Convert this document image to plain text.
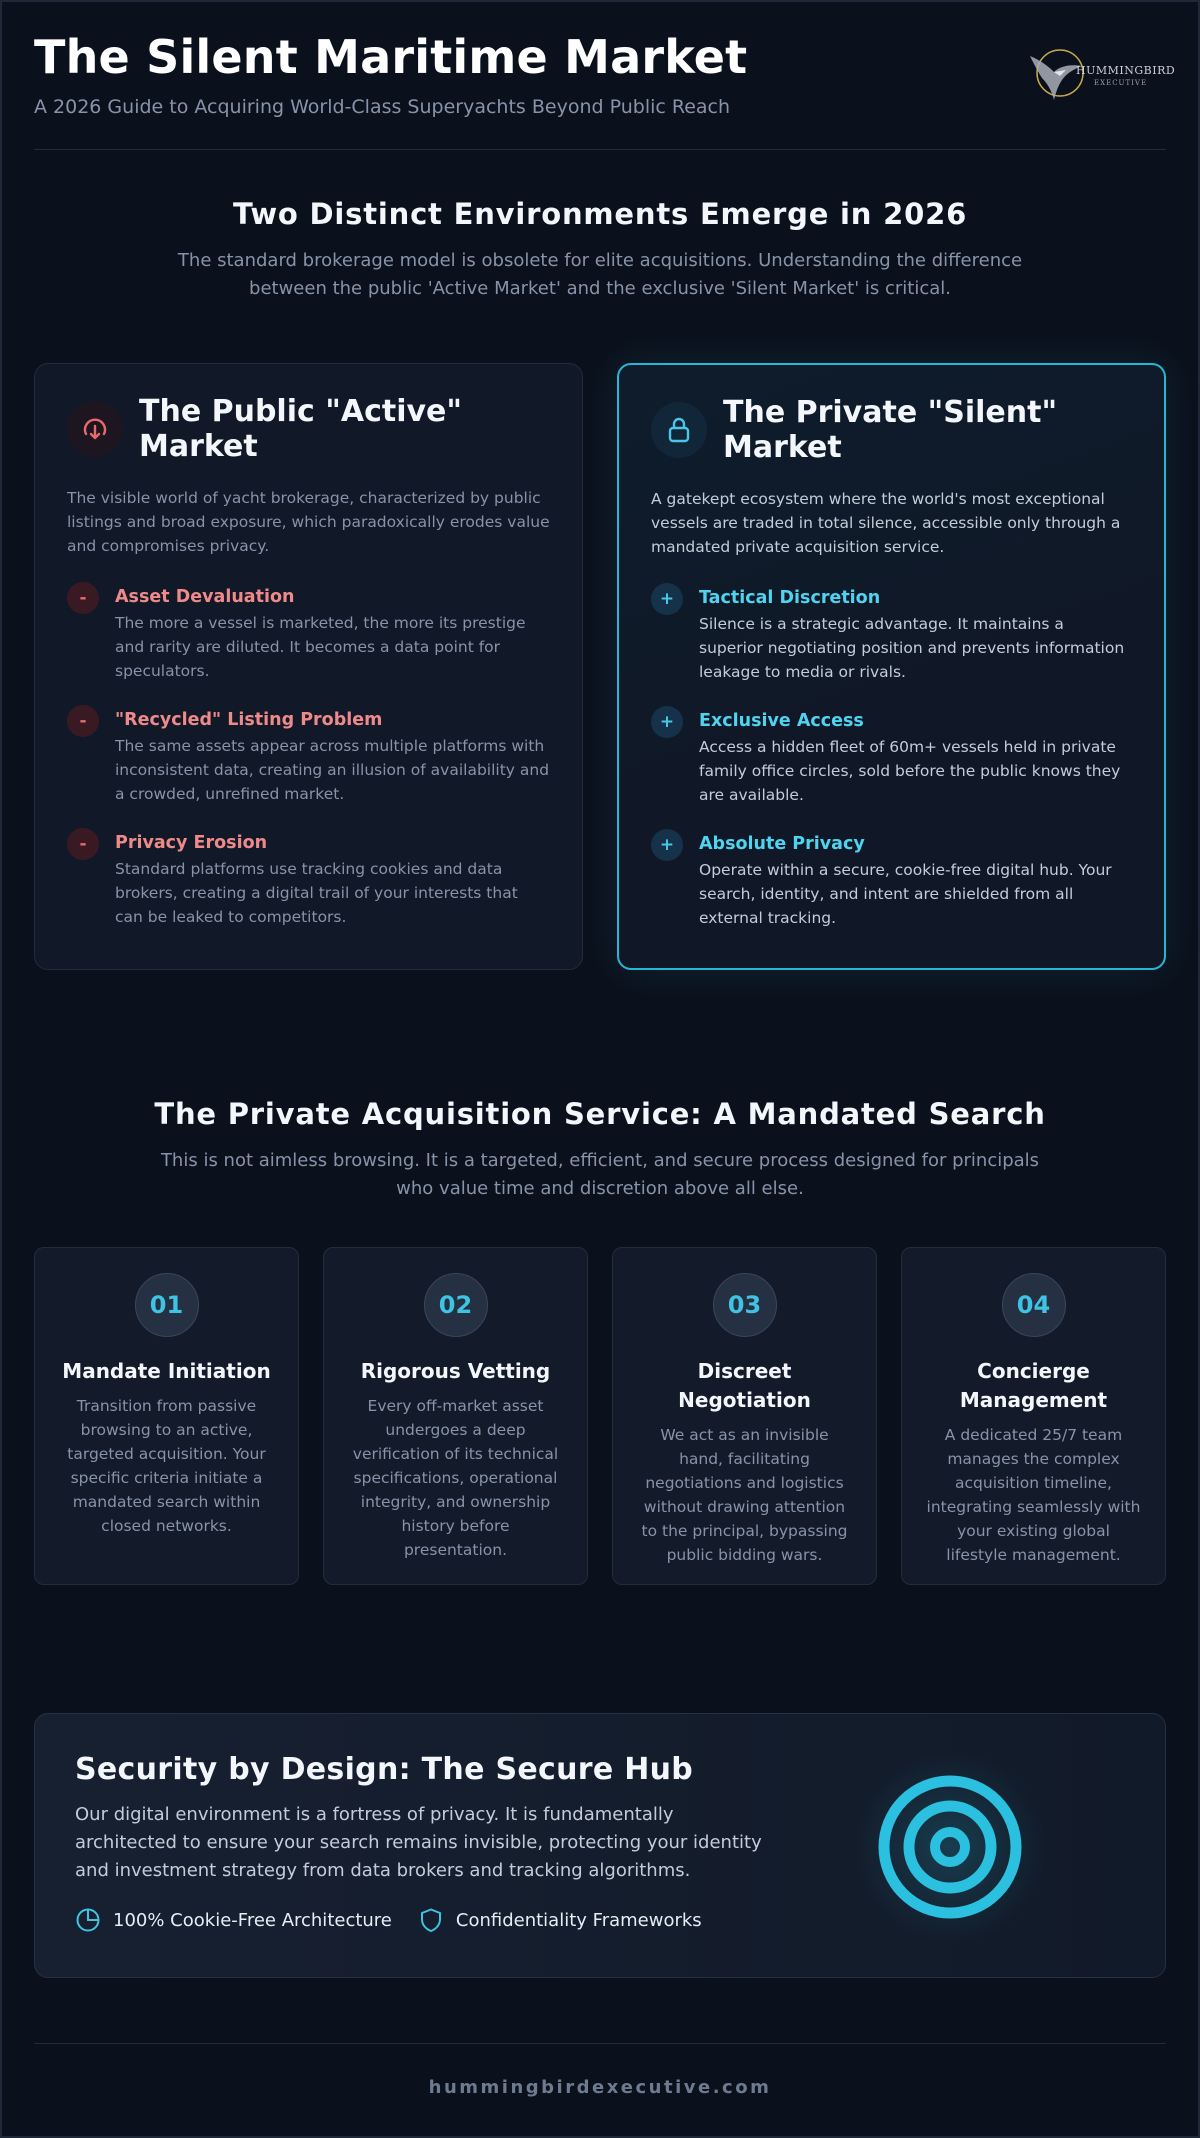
The Silent Maritime Market
A 2026 Guide to Acquiring World-Class Superyachts Beyond Public Reach
HUMMINGBIRD
EXECUTIVE
Two Distinct Environments Emerge in 2026

The standard brokerage model is obsolete for elite acquisitions. Understanding the difference between the public 'Active Market' and the exclusive 'Silent Market' is critical.

The Public "Active" Market

The visible world of yacht brokerage, characterized by public listings and broad exposure, which paradoxically erodes value and compromises privacy.

-	Asset Devaluation
The more a vessel is marketed, the more its prestige and rarity are diluted. It becomes a data point for speculators.
-	"Recycled" Listing Problem
The same assets appear across multiple platforms with inconsistent data, creating an illusion of availability and a crowded, unrefined market.
-	Privacy Erosion
Standard platforms use tracking cookies and data brokers, creating a digital trail of your interests that can be leaked to competitors.
The Private "Silent" Market

A gatekept ecosystem where the world's most exceptional vessels are traded in total silence, accessible only through a mandated private acquisition service.

+	Tactical Discretion
Silence is a strategic advantage. It maintains a superior negotiating position and prevents information leakage to media or rivals.
+	Exclusive Access
Access a hidden fleet of 60m+ vessels held in private family office circles, sold before the public knows they are available.
+	Absolute Privacy
Operate within a secure, cookie-free digital hub. Your search, identity, and intent are shielded from all external tracking.
The Private Acquisition Service: A Mandated Search

This is not aimless browsing. It is a targeted, efficient, and secure process designed for principals who value time and discretion above all else.

01
Mandate Initiation
Transition from passive browsing to an active, targeted acquisition. Your specific criteria initiate a mandated search within closed networks.
02
Rigorous Vetting
Every off-market asset undergoes a deep verification of its technical specifications, operational integrity, and ownership history before presentation.
03
Discreet Negotiation
We act as an invisible hand, facilitating negotiations and logistics without drawing attention to the principal, bypassing public bidding wars.
04
Concierge Management
A dedicated 25/7 team manages the complex acquisition timeline, integrating seamlessly with your existing global lifestyle management.
Security by Design: The Secure Hub

Our digital environment is a fortress of privacy. It is fundamentally architected to ensure your search remains invisible, protecting your identity and investment strategy from data brokers and tracking algorithms.

100% Cookie-Free Architecture	Confidentiality Frameworks
hummingbirdexecutive.com
